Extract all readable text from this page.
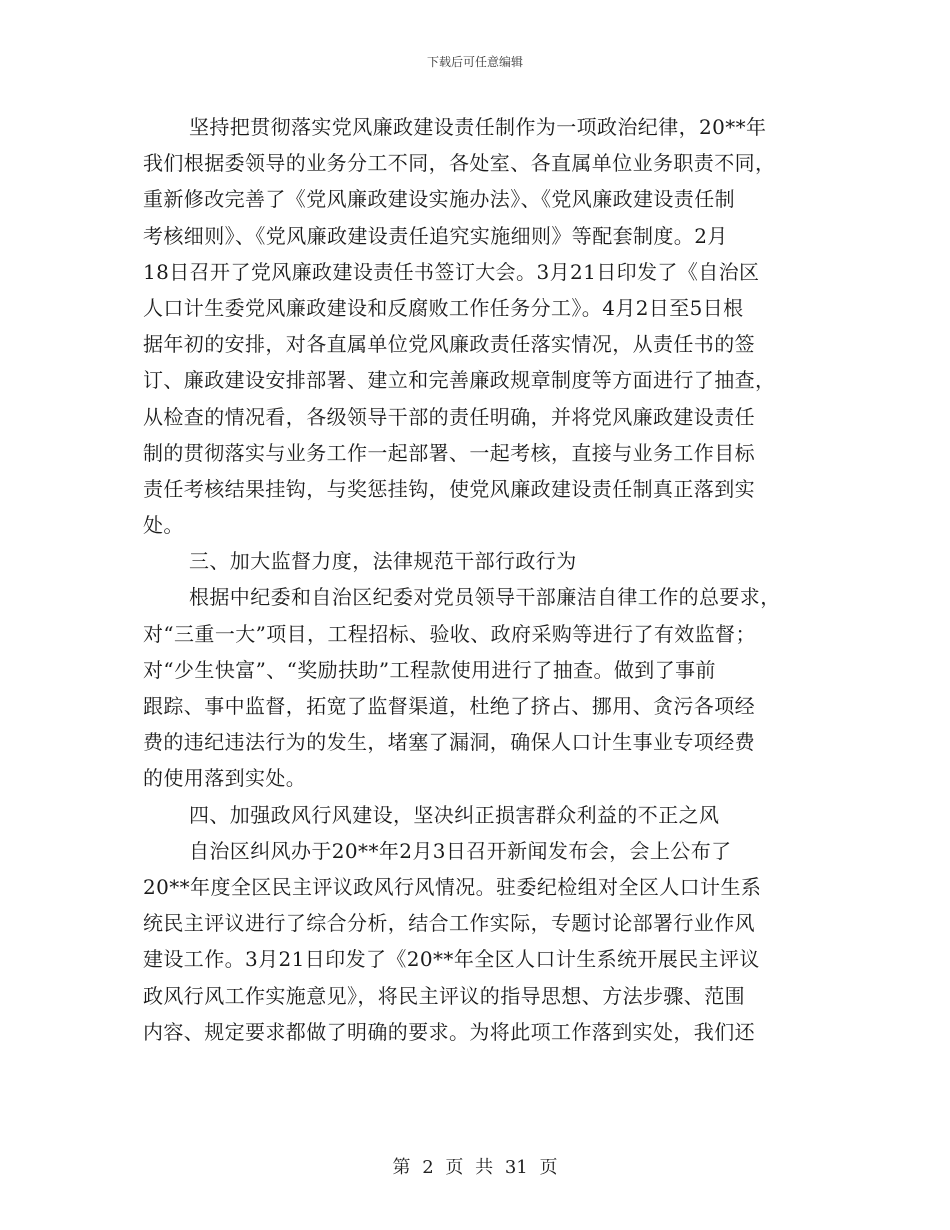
下载后可任意编辑
坚持把贯彻落实党风廉政建设责任制作为一项政治纪律，20**年
我们根据委领导的业务分工不同，各处室、各直属单位业务职责不同，
重新修改完善了《党风廉政建设实施办法》、《党风廉政建设责任制
考核细则》、《党风廉政建设责任追究实施细则》等配套制度。2月
18日召开了党风廉政建设责任书签订大会。3月21日印发了《自治区
人口计生委党风廉政建设和反腐败工作任务分工》。4月2日至5日根
据年初的安排，对各直属单位党风廉政责任落实情况，从责任书的签
订、廉政建设安排部署、建立和完善廉政规章制度等方面进行了抽查，
从检查的情况看，各级领导干部的责任明确，并将党风廉政建设责任
制的贯彻落实与业务工作一起部署、一起考核，直接与业务工作目标
责任考核结果挂钩，与奖惩挂钩，使党风廉政建设责任制真正落到实
处。
三、加大监督力度，法律规范干部行政行为
根据中纪委和自治区纪委对党员领导干部廉洁自律工作的总要求，
对“三重一大”项目，工程招标、验收、政府采购等进行了有效监督；
对“少生快富”、“奖励扶助”工程款使用进行了抽查。做到了事前
跟踪、事中监督，拓宽了监督渠道，杜绝了挤占、挪用、贪污各项经
费的违纪违法行为的发生，堵塞了漏洞，确保人口计生事业专项经费
的使用落到实处。
四、加强政风行风建设，坚决纠正损害群众利益的不正之风
自治区纠风办于20**年2月3日召开新闻发布会，会上公布了
20**年度全区民主评议政风行风情况。驻委纪检组对全区人口计生系
统民主评议进行了综合分析，结合工作实际，专题讨论部署行业作风
建设工作。3月21日印发了《20**年全区人口计生系统开展民主评议
政风行风工作实施意见》，将民主评议的指导思想、方法步骤、范围
内容、规定要求都做了明确的要求。为将此项工作落到实处，我们还
第 2 页 共 31 页
